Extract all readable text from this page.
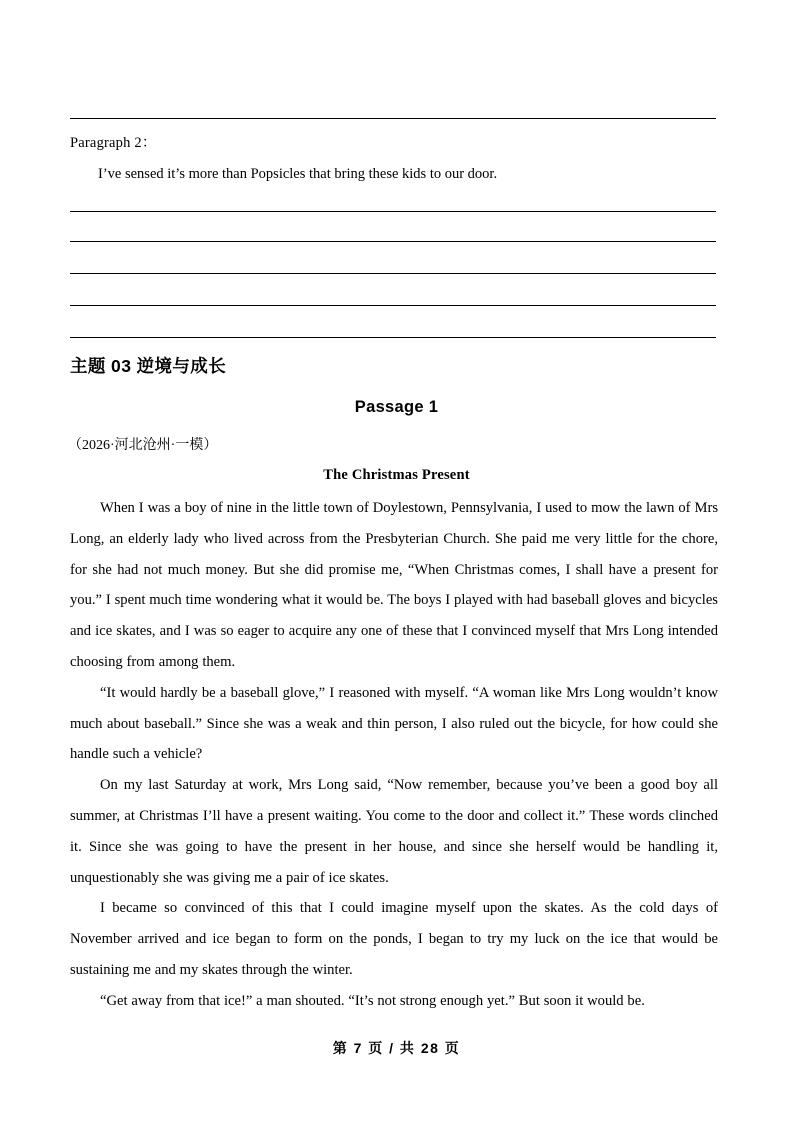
Paragraph 2：
I’ve sensed it’s more than Popsicles that bring these kids to our door.
主题 03 逆境与成长
Passage 1
（2026·河北沧州·一模）
The Christmas Present

When I was a boy of nine in the little town of Doylestown, Pennsylvania, I used to mow the lawn of Mrs Long, an elderly lady who lived across from the Presbyterian Church. She paid me very little for the chore, for she had not much money. But she did promise me, “When Christmas comes, I shall have a present for you.” I spent much time wondering what it would be. The boys I played with had baseball gloves and bicycles and ice skates, and I was so eager to acquire any one of these that I convinced myself that Mrs Long intended choosing from among them.

“It would hardly be a baseball glove,” I reasoned with myself. “A woman like Mrs Long wouldn’t know much about baseball.” Since she was a weak and thin person, I also ruled out the bicycle, for how could she handle such a vehicle?

On my last Saturday at work, Mrs Long said, “Now remember, because you’ve been a good boy all summer, at Christmas I’ll have a present waiting. You come to the door and collect it.” These words clinched it. Since she was going to have the present in her house, and since she herself would be handling it, unquestionably she was giving me a pair of ice skates.

I became so convinced of this that I could imagine myself upon the skates. As the cold days of November arrived and ice began to form on the ponds, I began to try my luck on the ice that would be sustaining me and my skates through the winter.

“Get away from that ice!” a man shouted. “It’s not strong enough yet.” But soon it would be.

第 7 页 / 共 28 页
